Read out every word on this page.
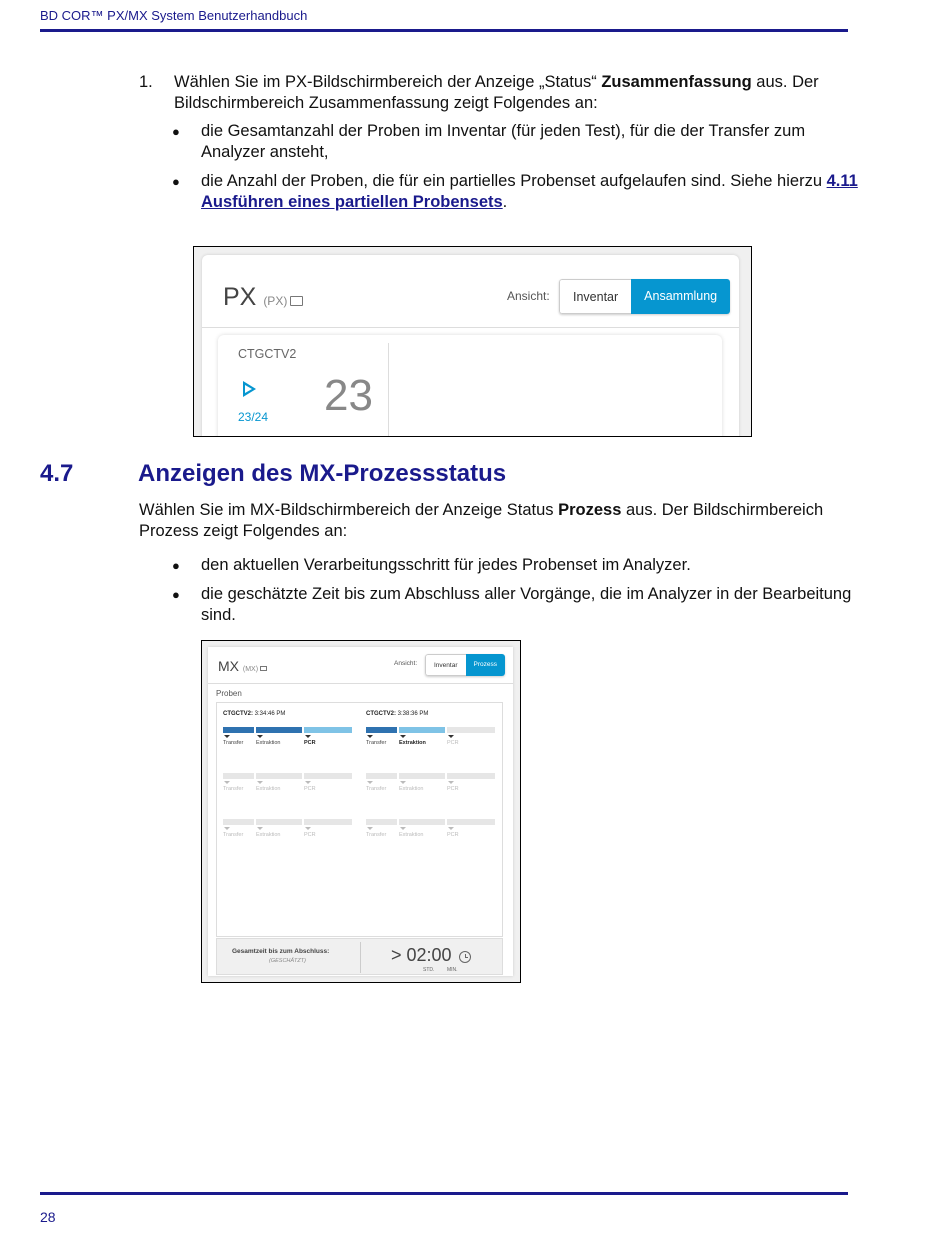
BD COR™ PX/MX System Benutzerhandbuch
1. Wählen Sie im PX-Bildschirmbereich der Anzeige „Status“ Zusammenfassung aus. Der Bildschirmbereich Zusammenfassung zeigt Folgendes an:
● die Gesamtanzahl der Proben im Inventar (für jeden Test), für die der Transfer zum Analyzer ansteht,
● die Anzahl der Proben, die für ein partielles Probenset aufgelaufen sind. Siehe hierzu 4.11 Ausführen eines partiellen Probensets.
PX (PX)	Ansicht:	Inventar	Ansammlung
CTGCTV2
23/24 23
4.7	Anzeigen des MX-Prozessstatus
Wählen Sie im MX-Bildschirmbereich der Anzeige Status Prozess aus. Der Bildschirmbereich Prozess zeigt Folgendes an:
● den aktuellen Verarbeitungsschritt für jedes Probenset im Analyzer.
● die geschätzte Zeit bis zum Abschluss aller Vorgänge, die im Analyzer in der Bearbeitung sind.
MX (MX)
Ansicht:	Inventar	Prozess
Proben
CTGCTV2: 3:34:46 PM
Transfer Extraktion	PCR
CTGCTV2: 3:38:36 PM
Transfer Extraktion	PCR
Transfer Extraktion	PCR	Transfer Extraktion	PCR
Transfer Extraktion	PCR	Transfer Extraktion	PCR
Gesamtzeit bis zum Abschluss:
(GESCHÄTZT)	> 02:00
STD.	MIN.
28
